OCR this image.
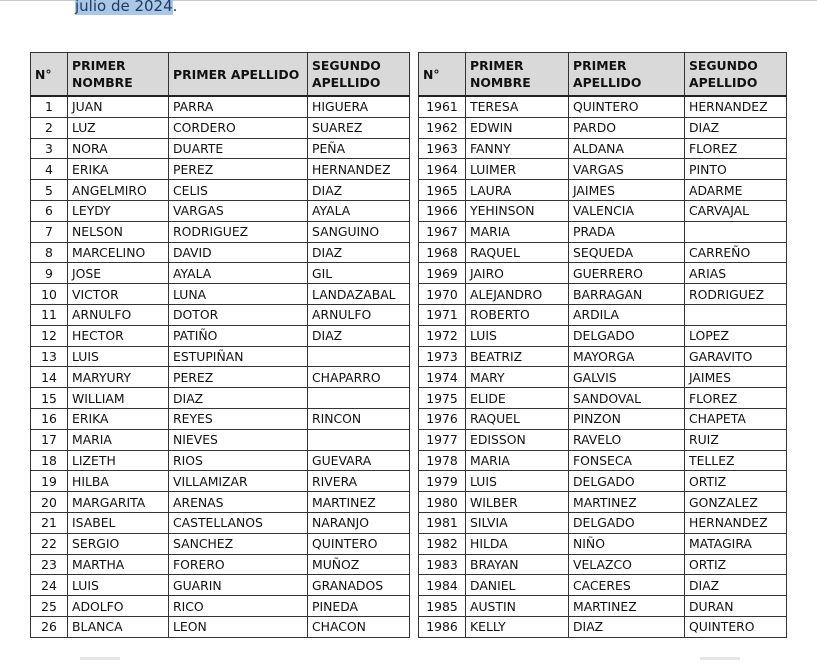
julio de 2024.
N°	PRIMER NOMBRE	PRIMER APELLIDO	SEGUNDO APELLIDO
1	JUAN	PARRA	HIGUERA
2	LUZ	CORDERO	SUAREZ
3	NORA	DUARTE	PEÑA
4	ERIKA	PEREZ	HERNANDEZ
5	ANGELMIRO	CELIS	DIAZ
6	LEYDY	VARGAS	AYALA
7	NELSON	RODRIGUEZ	SANGUINO
8	MARCELINO	DAVID	DIAZ
9	JOSE	AYALA	GIL
10	VICTOR	LUNA	LANDAZABAL
11	ARNULFO	DOTOR	ARNULFO
12	HECTOR	PATIÑO	DIAZ
13	LUIS	ESTUPIÑAN	
14	MARYURY	PEREZ	CHAPARRO
15	WILLIAM	DIAZ	
16	ERIKA	REYES	RINCON
17	MARIA	NIEVES	
18	LIZETH	RIOS	GUEVARA
19	HILBA	VILLAMIZAR	RIVERA
20	MARGARITA	ARENAS	MARTINEZ
21	ISABEL	CASTELLANOS	NARANJO
22	SERGIO	SANCHEZ	QUINTERO
23	MARTHA	FORERO	MUÑOZ
24	LUIS	GUARIN	GRANADOS
25	ADOLFO	RICO	PINEDA
26	BLANCA	LEON	CHACON
N°	PRIMER NOMBRE	PRIMER APELLIDO	SEGUNDO APELLIDO
1961	TERESA	QUINTERO	HERNANDEZ
1962	EDWIN	PARDO	DIAZ
1963	FANNY	ALDANA	FLOREZ
1964	LUIMER	VARGAS	PINTO
1965	LAURA	JAIMES	ADARME
1966	YEHINSON	VALENCIA	CARVAJAL
1967	MARIA	PRADA	
1968	RAQUEL	SEQUEDA	CARREÑO
1969	JAIRO	GUERRERO	ARIAS
1970	ALEJANDRO	BARRAGAN	RODRIGUEZ
1971	ROBERTO	ARDILA	
1972	LUIS	DELGADO	LOPEZ
1973	BEATRIZ	MAYORGA	GARAVITO
1974	MARY	GALVIS	JAIMES
1975	ELIDE	SANDOVAL	FLOREZ
1976	RAQUEL	PINZON	CHAPETA
1977	EDISSON	RAVELO	RUIZ
1978	MARIA	FONSECA	TELLEZ
1979	LUIS	DELGADO	ORTIZ
1980	WILBER	MARTINEZ	GONZALEZ
1981	SILVIA	DELGADO	HERNANDEZ
1982	HILDA	NIÑO	MATAGIRA
1983	BRAYAN	VELAZCO	ORTIZ
1984	DANIEL	CACERES	DIAZ
1985	AUSTIN	MARTINEZ	DURAN
1986	KELLY	DIAZ	QUINTERO
